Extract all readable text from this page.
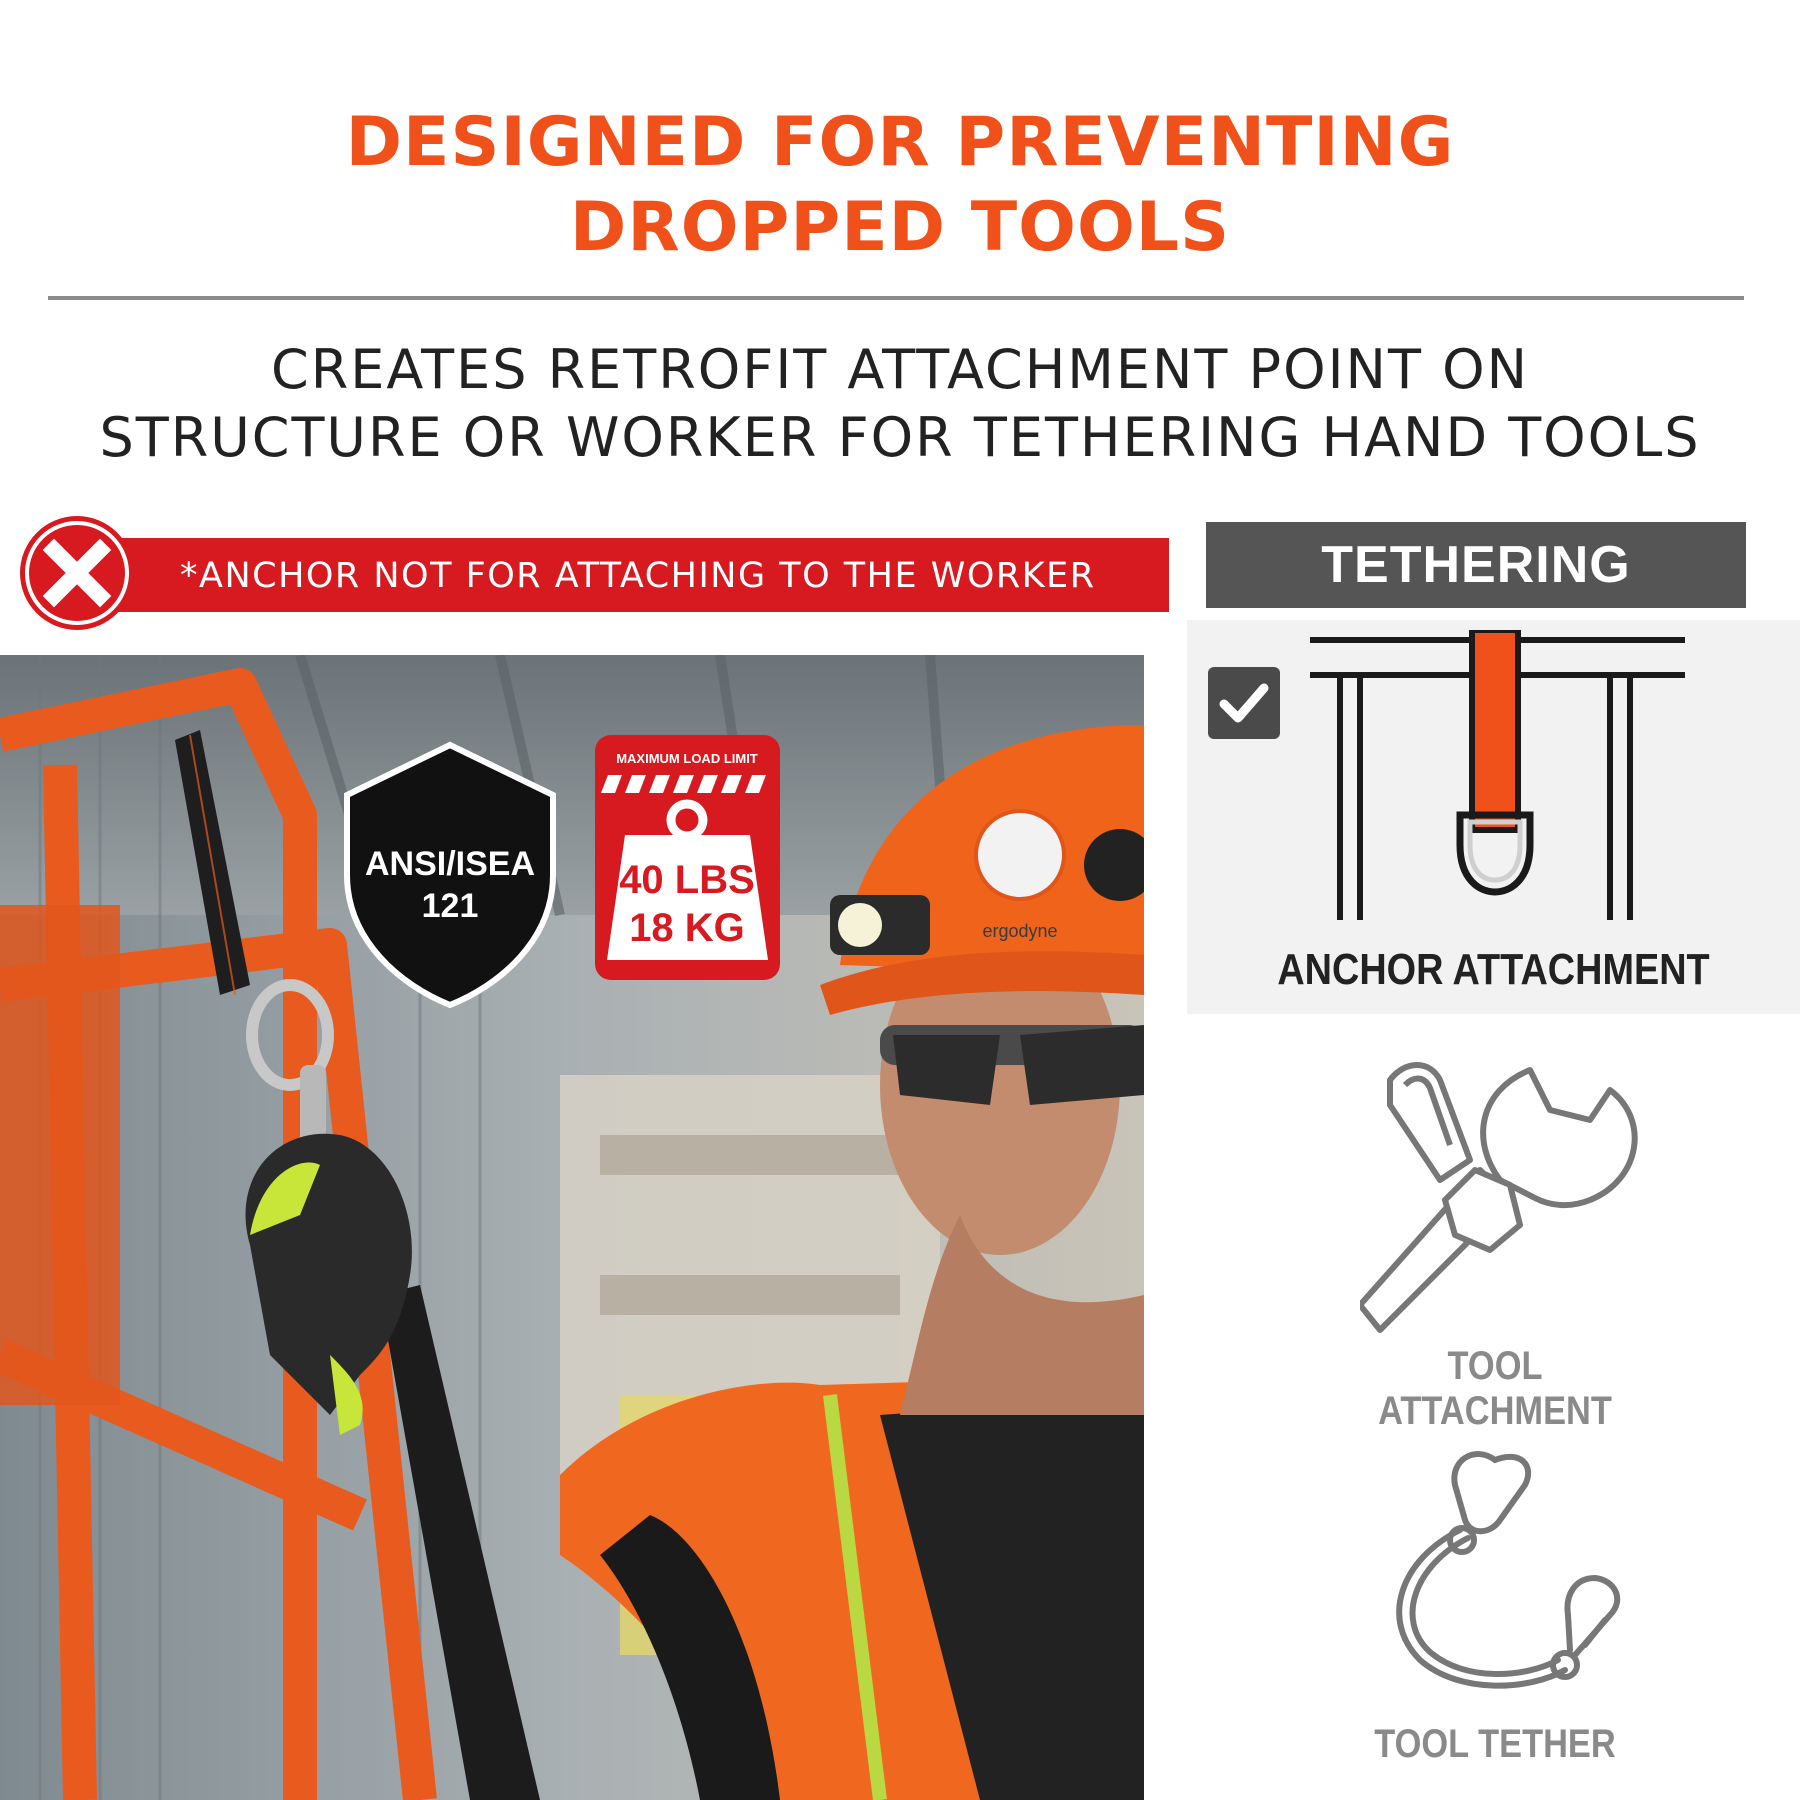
DESIGNED FOR PREVENTING
DROPPED TOOLS
CREATES RETROFIT ATTACHMENT POINT ON
STRUCTURE OR WORKER FOR TETHERING HAND TOOLS
*ANCHOR NOT FOR ATTACHING TO THE WORKER
ergodyne
ANSI/ISEA
121
MAXIMUM LOAD LIMIT
40 LBS
18 KG
TETHERING
ANCHOR ATTACHMENT
TOOL ATTACHMENT
TOOL TETHER
